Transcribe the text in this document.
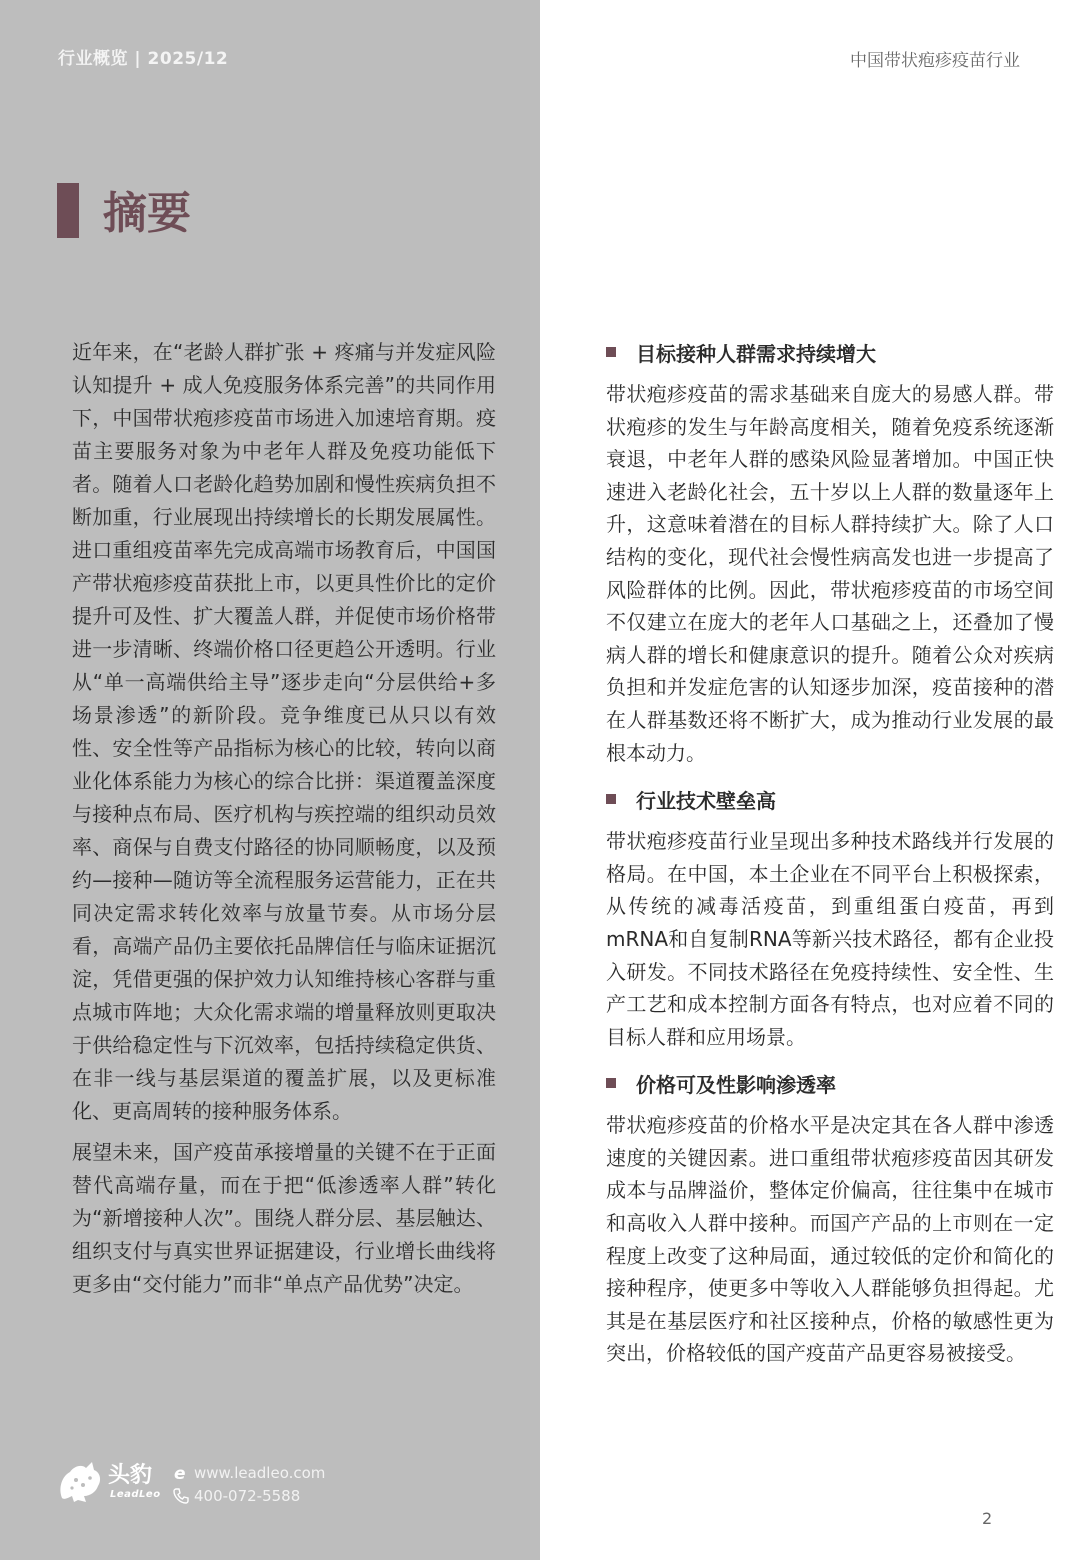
行业概览 | 2025/12	中国带状疱疹疫苗行业
摘要

近年来，在“老龄人群扩张 + 疼痛与并发症风险认知提升 + 成人免疫服务体系完善”的共同作用下，中国带状疱疹疫苗市场进入加速培育期。疫苗主要服务对象为中老年人群及免疫功能低下者。随着人口老龄化趋势加剧和慢性疾病负担不断加重，行业展现出持续增长的长期发展属性。进口重组疫苗率先完成高端市场教育后，中国国产带状疱疹疫苗获批上市，以更具性价比的定价提升可及性、扩大覆盖人群，并促使市场价格带进一步清晰、终端价格口径更趋公开透明。行业从“单一高端供给主导”逐步走向“分层供给+多场景渗透”的新阶段。竞争维度已从只以有效性、安全性等产品指标为核心的比较，转向以商业化体系能力为核心的综合比拼：渠道覆盖深度与接种点布局、医疗机构与疾控端的组织动员效率、商保与自费支付路径的协同顺畅度，以及预约—接种—随访等全流程服务运营能力，正在共同决定需求转化效率与放量节奏。从市场分层看，高端产品仍主要依托品牌信任与临床证据沉淀，凭借更强的保护效力认知维持核心客群与重点城市阵地；大众化需求端的增量释放则更取决于供给稳定性与下沉效率，包括持续稳定供货、在非一线与基层渠道的覆盖扩展，以及更标准化、更高周转的接种服务体系。

展望未来，国产疫苗承接增量的关键不在于正面替代高端存量，而在于把“低渗透率人群”转化为“新增接种人次”。围绕人群分层、基层触达、组织支付与真实世界证据建设，行业增长曲线将更多由“交付能力”而非“单点产品优势”决定。

目标接种人群需求持续增大

带状疱疹疫苗的需求基础来自庞大的易感人群。带状疱疹的发生与年龄高度相关，随着免疫系统逐渐衰退，中老年人群的感染风险显著增加。中国正快速进入老龄化社会，五十岁以上人群的数量逐年上升，这意味着潜在的目标人群持续扩大。除了人口结构的变化，现代社会慢性病高发也进一步提高了风险群体的比例。因此，带状疱疹疫苗的市场空间不仅建立在庞大的老年人口基础之上，还叠加了慢病人群的增长和健康意识的提升。随着公众对疾病负担和并发症危害的认知逐步加深，疫苗接种的潜在人群基数还将不断扩大，成为推动行业发展的最根本动力。

行业技术壁垒高

带状疱疹疫苗行业呈现出多种技术路线并行发展的格局。在中国，本土企业在不同平台上积极探索，从传统的减毒活疫苗，到重组蛋白疫苗，再到mRNA和自复制RNA等新兴技术路径，都有企业投入研发。不同技术路径在免疫持续性、安全性、生产工艺和成本控制方面各有特点，也对应着不同的目标人群和应用场景。

价格可及性影响渗透率

带状疱疹疫苗的价格水平是决定其在各人群中渗透速度的关键因素。进口重组带状疱疹疫苗因其研发成本与品牌溢价，整体定价偏高，往往集中在城市和高收入人群中接种。而国产产品的上市则在一定程度上改变了这种局面，通过较低的定价和简化的接种程序，使更多中等收入人群能够负担得起。尤其是在基层医疗和社区接种点，价格的敏感性更为突出，价格较低的国产疫苗产品更容易被接受。

头豹
LeadLeo
e www.leadleo.com
400-072-5588
2
